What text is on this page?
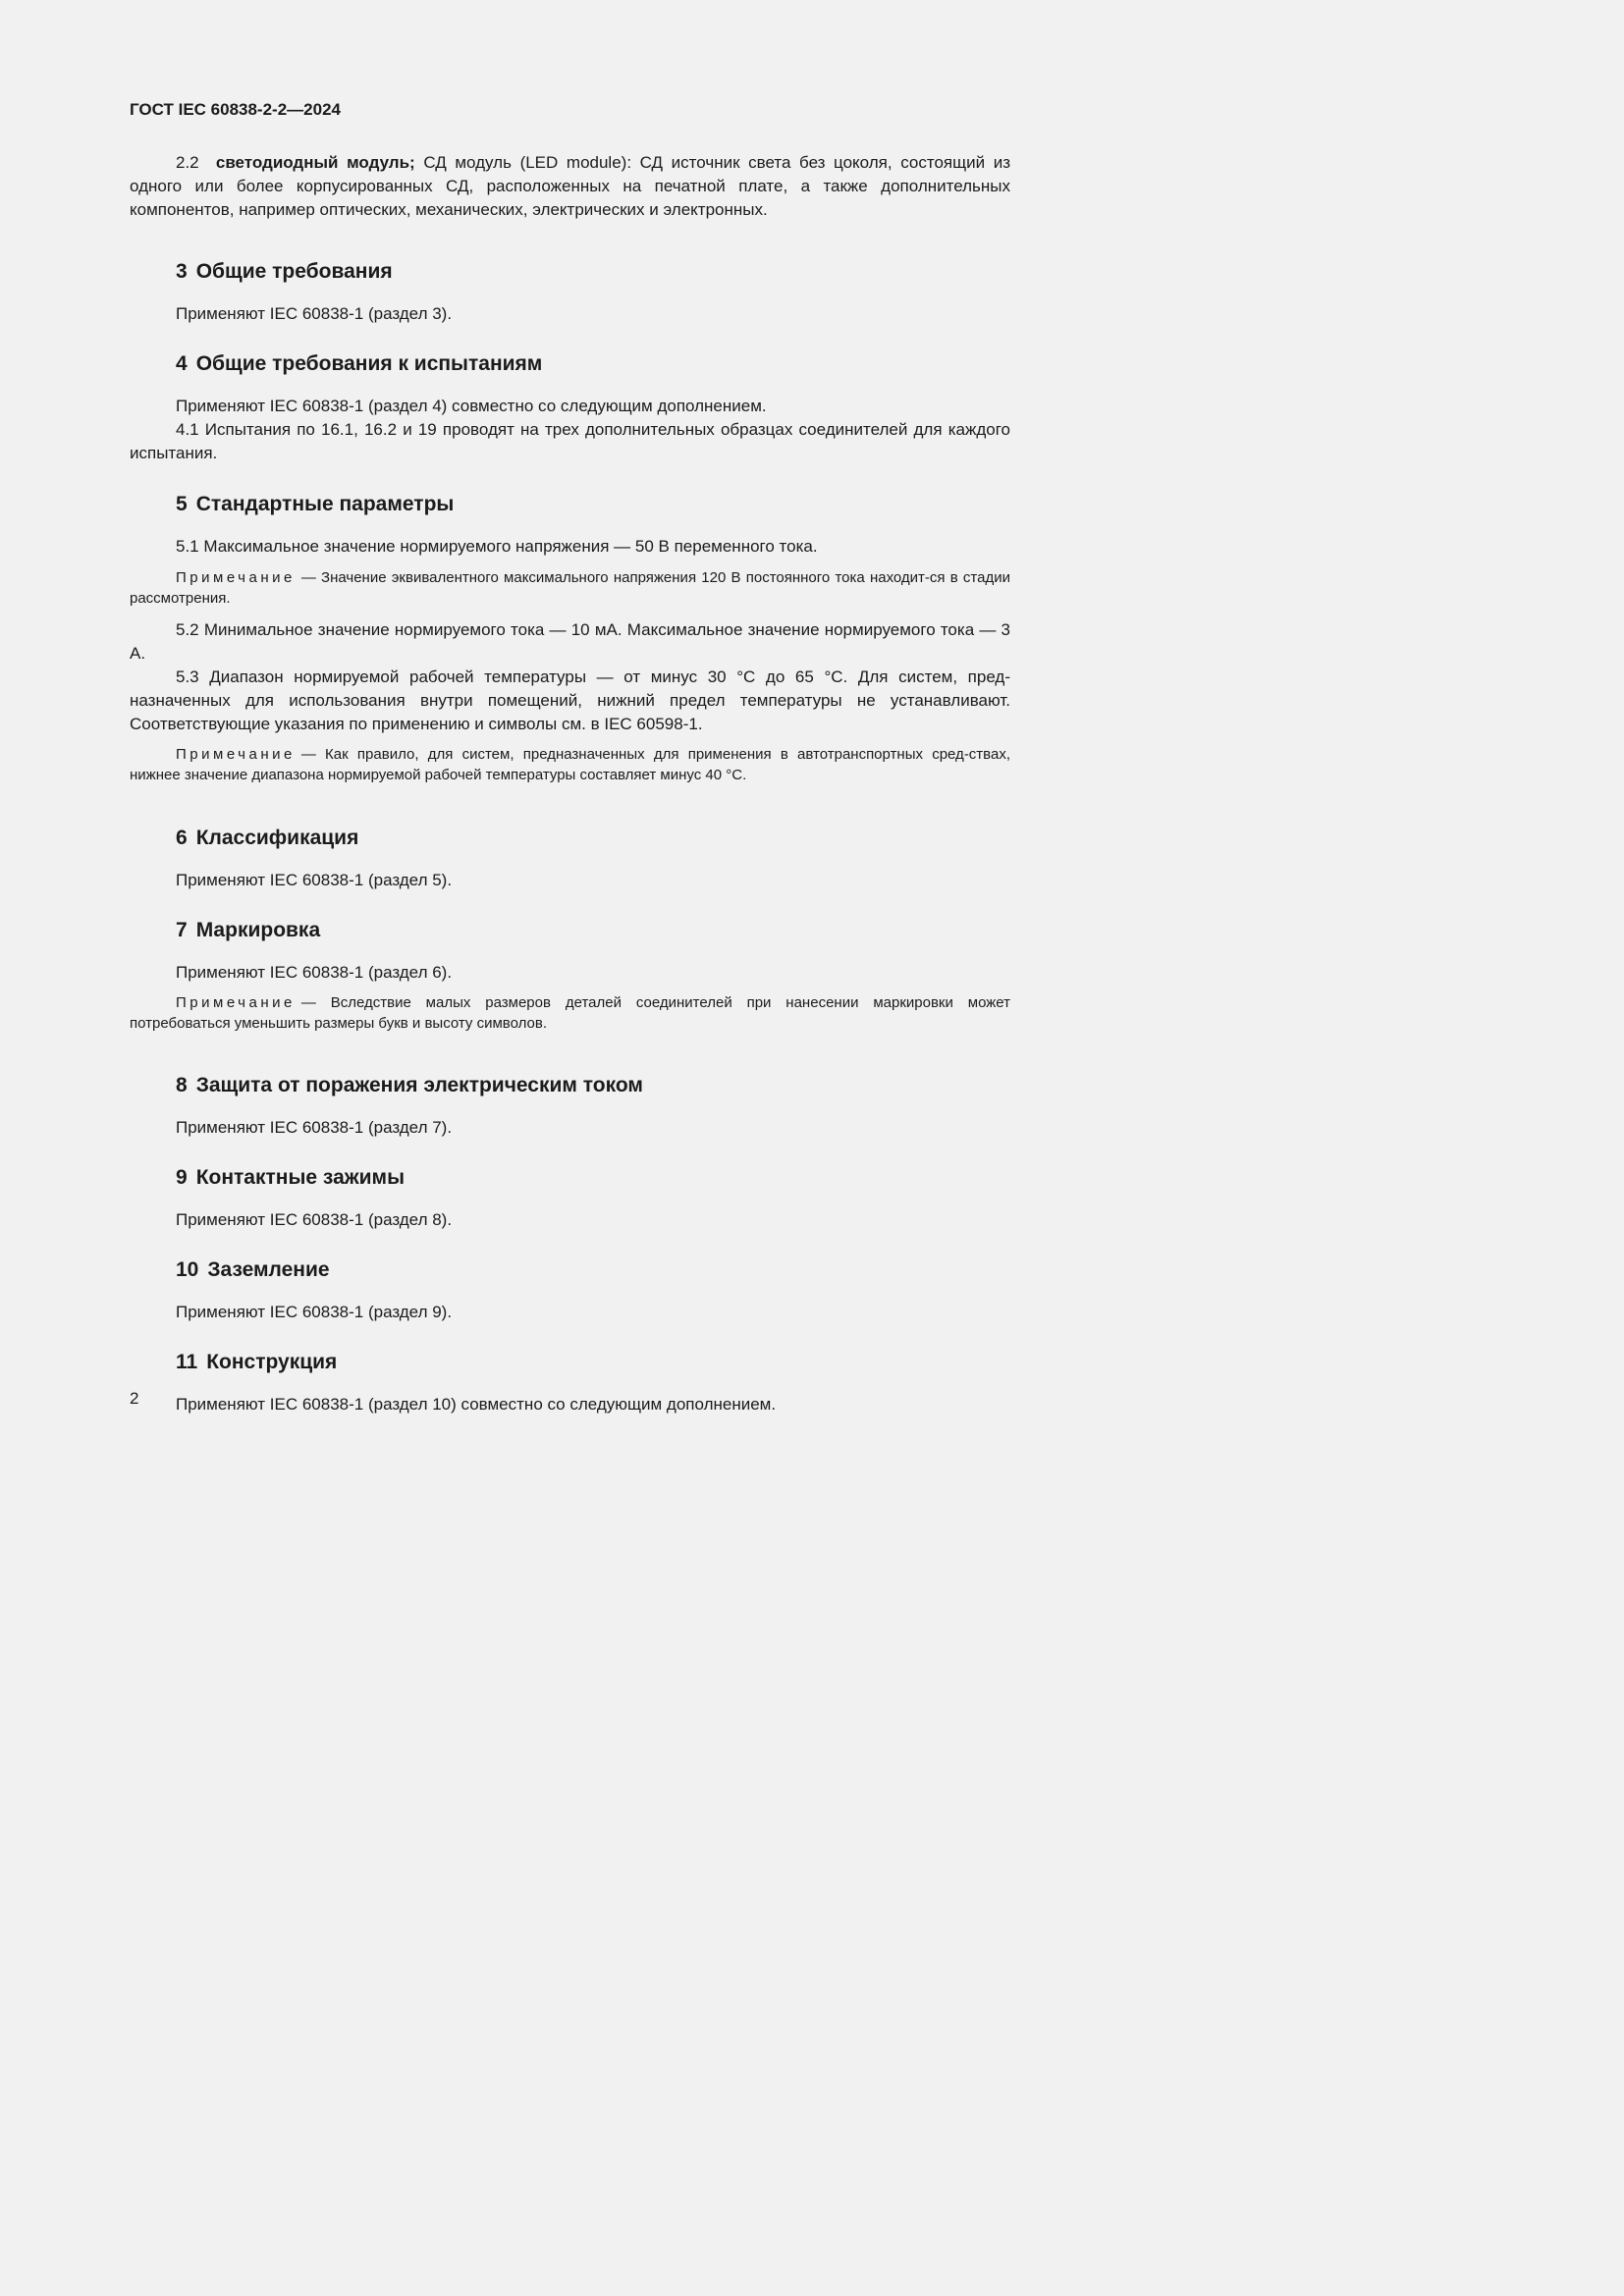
ГОСТ IEC 60838-2-2—2024

2.2 светодиодный модуль; СД модуль (LED module): СД источник света без цоколя, состоящий из одного или более корпусированных СД, расположенных на печатной плате, а также дополнительных компонентов, например оптических, механических, электрических и электронных.

3 Общие требования

Применяют IEC 60838-1 (раздел 3).

4 Общие требования к испытаниям

Применяют IEC 60838-1 (раздел 4) совместно со следующим дополнением.

4.1 Испытания по 16.1, 16.2 и 19 проводят на трех дополнительных образцах соединителей для каждого испытания.

5 Стандартные параметры

5.1 Максимальное значение нормируемого напряжения — 50 В переменного тока.

Примечание — Значение эквивалентного максимального напряжения 120 В постоянного тока находит-ся в стадии рассмотрения.

5.2 Минимальное значение нормируемого тока — 10 мА. Максимальное значение нормируемого тока — 3 А.

5.3 Диапазон нормируемой рабочей температуры — от минус 30 °С до 65 °С. Для систем, пред-назначенных для использования внутри помещений, нижний предел температуры не устанавливают. Соответствующие указания по применению и символы см. в IEC 60598-1.

Примечание — Как правило, для систем, предназначенных для применения в автотранспортных сред-ствах, нижнее значение диапазона нормируемой рабочей температуры составляет минус 40 °С.

6 Классификация

Применяют IEC 60838-1 (раздел 5).

7 Маркировка

Применяют IEC 60838-1 (раздел 6).

Примечание — Вследствие малых размеров деталей соединителей при нанесении маркировки может потребоваться уменьшить размеры букв и высоту символов.

8 Защита от поражения электрическим током

Применяют IEC 60838-1 (раздел 7).

9 Контактные зажимы

Применяют IEC 60838-1 (раздел 8).

10 Заземление

Применяют IEC 60838-1 (раздел 9).

11 Конструкция

Применяют IEC 60838-1 (раздел 10) совместно со следующим дополнением.

2
